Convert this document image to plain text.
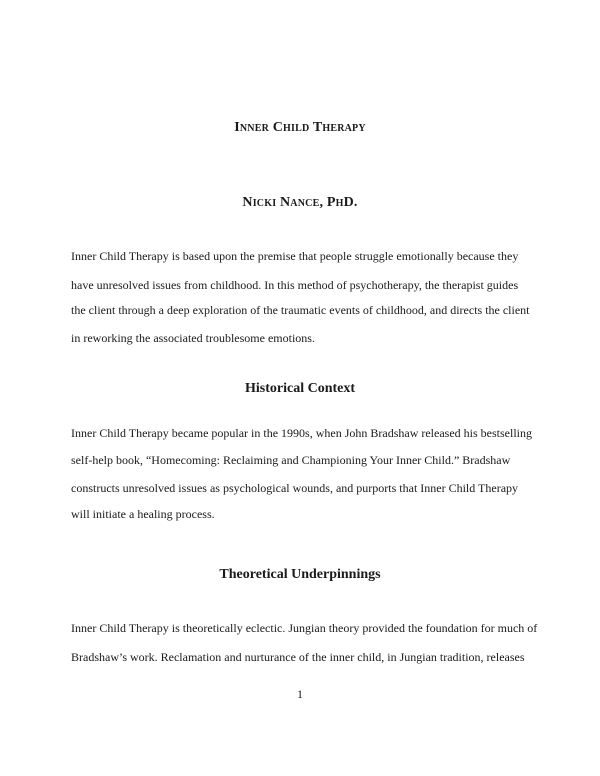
Inner Child Therapy
Nicki Nance, PhD.
Inner Child Therapy is based upon the premise that people struggle emotionally because they
have unresolved issues from childhood. In this method of psychotherapy, the therapist guides
the client through a deep exploration of the traumatic events of childhood, and directs the client
in reworking the associated troublesome emotions.
Historical Context
Inner Child Therapy became popular in the 1990s, when John Bradshaw released his bestselling
self-help book, “Homecoming: Reclaiming and Championing Your Inner Child.” Bradshaw
constructs unresolved issues as psychological wounds, and purports that Inner Child Therapy
will initiate a healing process.
Theoretical Underpinnings
Inner Child Therapy is theoretically eclectic. Jungian theory provided the foundation for much of
Bradshaw’s work. Reclamation and nurturance of the inner child, in Jungian tradition, releases
1
